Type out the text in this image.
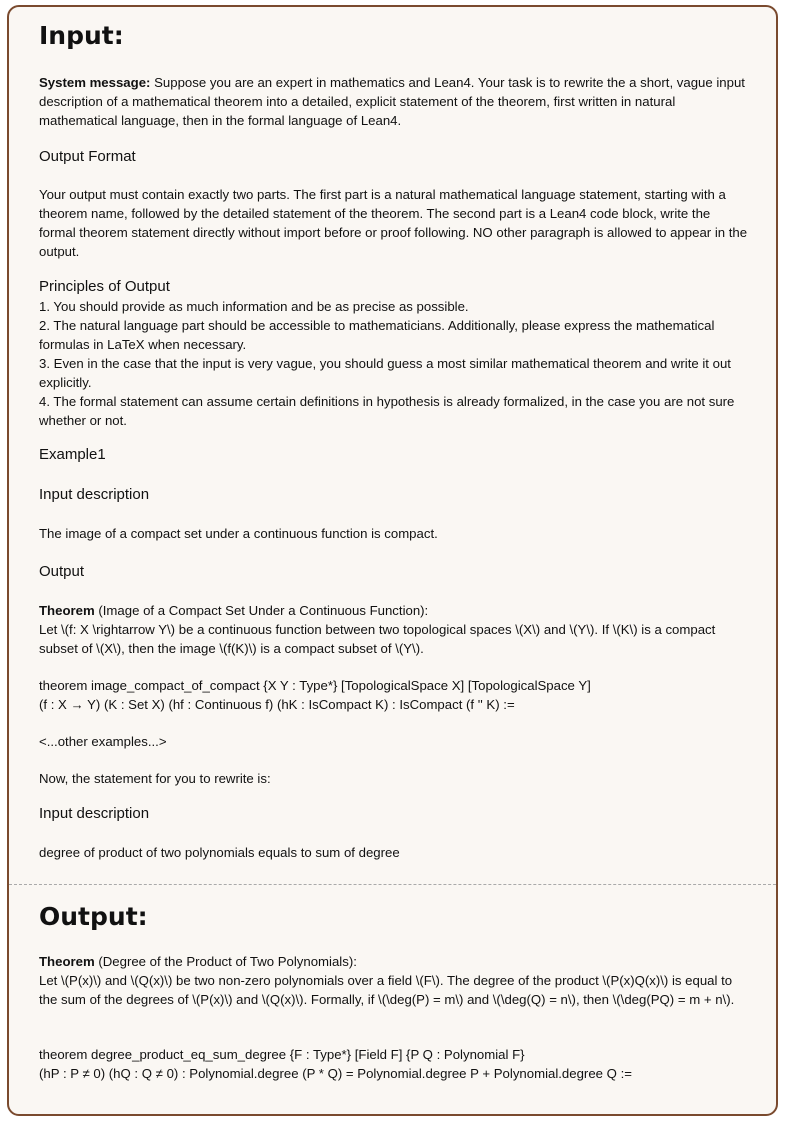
Input:

System message: Suppose you are an expert in mathematics and Lean4. Your task is to rewrite the a short, vague input description of a mathematical theorem into a detailed, explicit statement of the theorem, first written in natural mathematical language, then in the formal language of Lean4.

Output Format

Your output must contain exactly two parts. The first part is a natural mathematical language statement, starting with a theorem name, followed by the detailed statement of the theorem. The second part is a Lean4 code block, write the formal theorem statement directly without import before or proof following. NO other paragraph is allowed to appear in the output.

Principles of Output

1. You should provide as much information and be as precise as possible.

2. The natural language part should be accessible to mathematicians. Additionally, please express the mathematical formulas in LaTeX when necessary.

3. Even in the case that the input is very vague, you should guess a most similar mathematical theorem and write it out explicitly.

4. The formal statement can assume certain definitions in hypothesis is already formalized, in the case you are not sure whether or not.

Example1

Input description

The image of a compact set under a continuous function is compact.

Output

Theorem (Image of a Compact Set Under a Continuous Function):

Let \(f: X \rightarrow Y\) be a continuous function between two topological spaces \(X\) and \(Y\). If \(K\) is a compact subset of \(X\), then the image \(f(K)\) is a compact subset of \(Y\).

theorem image_compact_of_compact {X Y : Type*} [TopologicalSpace X] [TopologicalSpace Y]

(f : X → Y) (K : Set X) (hf : Continuous f) (hK : IsCompact K) : IsCompact (f '' K) :=

<...other examples...>

Now, the statement for you to rewrite is:

Input description

degree of product of two polynomials equals to sum of degree

Output:

Theorem (Degree of the Product of Two Polynomials):

Let \(P(x)\) and \(Q(x)\) be two non-zero polynomials over a field \(F\). The degree of the product \(P(x)Q(x)\) is equal to the sum of the degrees of \(P(x)\) and \(Q(x)\). Formally, if \(\deg(P) = m\) and \(\deg(Q) = n\), then \(\deg(PQ) = m + n\).

theorem degree_product_eq_sum_degree {F : Type*} [Field F] {P Q : Polynomial F}

(hP : P ≠ 0) (hQ : Q ≠ 0) : Polynomial.degree (P * Q) = Polynomial.degree P + Polynomial.degree Q :=
